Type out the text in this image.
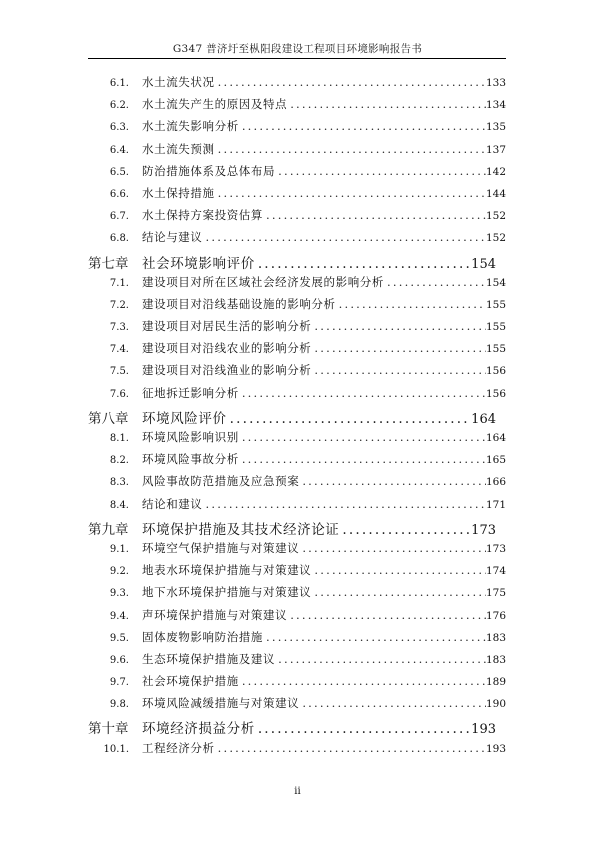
G347 普济圩至枞阳段建设工程项目环境影响报告书
6.1.	水土流失状况 .....	133
6.2.	水土流失产生的原因及特点 .....	134
6.3.	水土流失影响分析 .....	135
6.4.	水土流失预测 .....	137
6.5.	防治措施体系及总体布局 .....	142
6.6.	水土保持措施 .....	144
6.7.	水土保持方案投资估算 .....	152
6.8.	结论与建议 .....	152
第七章	社会环境影响评价 .....	154
7.1.	建设项目对所在区域社会经济发展的影响分析 .....	154
7.2.	建设项目对沿线基础设施的影响分析 .....	155
7.3.	建设项目对居民生活的影响分析 .....	155
7.4.	建设项目对沿线农业的影响分析 .....	155
7.5.	建设项目对沿线渔业的影响分析 .....	156
7.6.	征地拆迁影响分析 .....	156
第八章	环境风险评价 .....	164
8.1.	环境风险影响识别 .....	164
8.2.	环境风险事故分析 .....	165
8.3.	风险事故防范措施及应急预案 .....	166
8.4.	结论和建议 .....	171
第九章	环境保护措施及其技术经济论证 .....	173
9.1.	环境空气保护措施与对策建议 .....	173
9.2.	地表水环境保护措施与对策建议 .....	174
9.3.	地下水环境保护措施与对策建议 .....	175
9.4.	声环境保护措施与对策建议 .....	176
9.5.	固体废物影响防治措施 .....	183
9.6.	生态环境保护措施及建议 .....	183
9.7.	社会环境保护措施 .....	189
9.8.	环境风险减缓措施与对策建议 .....	190
第十章	环境经济损益分析 .....	193
10.1.	工程经济分析 .....	193
ii
